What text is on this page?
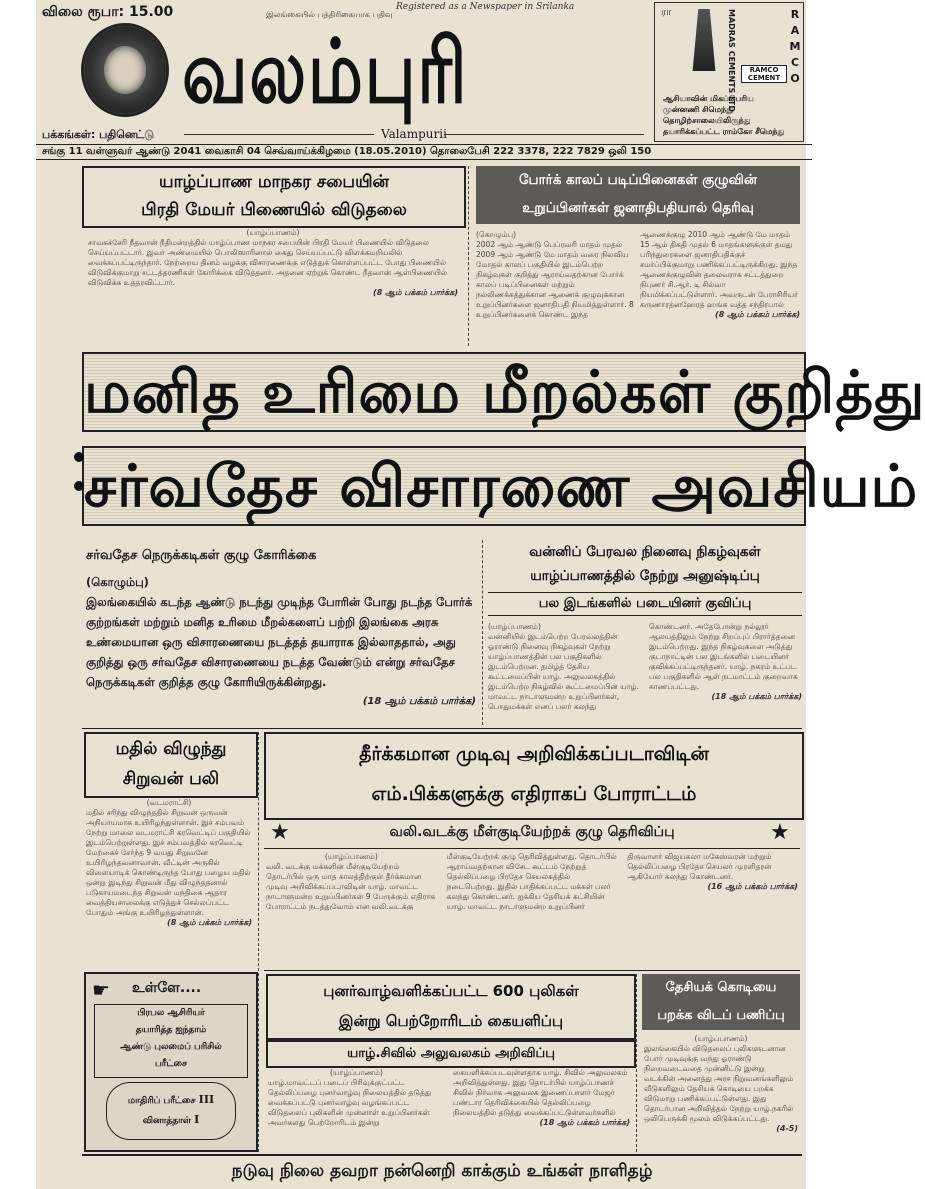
விலை ரூபா: 15.00	இலங்கையில் பத்திரிகையாக பதிவு
Registered as a Newspaper in Srilanka
வலம்புரி
பக்கங்கள்: பதினெட்டு	Valampurii
ரா	MADRAS CEMENTS LTD	RAMCO
RAMCO CEMENT
ஆசியாவின் மிகப்பெரிய முன்னணி சிமெந்து தொழிற்சாலையிலிருந்து தயாரிக்கப்பட்ட ராம்கோ சீமெந்து
சங்கு 11 வள்ளுவர் ஆண்டு 2041 வைகாசி 04 செவ்வாய்க்கிழமை (18.05.2010) தொலைபேசி 222 3378, 222 7829 ஒலி 150
யாழ்ப்பாண மாநகர சபையின்
பிரதி மேயர் பிணையில் விடுதலை

(யாழ்ப்பாணம்)

சாவகச்சேரி நீதவான் நீதிமன்றத்தில் யாழ்ப்பாண மாநகர சபையின் பிரதி மேயர் பிணையில் விடுதலை செய்யப்பட்டார். இவர் அண்மையில் பொலிஸாரினால் கைது செய்யப்பட்டு விளக்கமறியலில் வைக்கப்பட்டிருந்தார். நேற்றைய தினம் வழக்கு விசாரணைக்கு எடுத்துக் கொள்ளப்பட்ட போது பிணையில் விடுவிக்குமாறு சட்டத்தரணிகள் கோரிக்கை விடுத்தனர். அதனை ஏற்றுக் கொண்ட நீதவான் ஆள்பிணையில் விடுவிக்க உத்தரவிட்டார்.

(8 ஆம் பக்கம் பார்க்க)

போர்க் காலப் படிப்பினைகள் குழுவின்
உறுப்பினர்கள் ஜனாதிபதியால் தெரிவு

(கொழும்பு)

2002 ஆம் ஆண்டு பெப்ரவரி மாதம் முதல் 2009 ஆம் ஆண்டு மே மாதம் வரை நிலவிய மோதல் காலப் பகுதியில் இடம்பெற்ற நிகழ்வுகள் குறித்து ஆராய்வதற்கான போர்க் காலப் படிப்பினைகள் மற்றும் நல்லிணக்கத்துக்கான ஆணைக் குழுவுக்கான உறுப்பினர்களை ஜனாதிபதி நியமித்துள்ளார். 8 உறுப்பினர்களைக் கொண்ட இந்த

ஆணைக்குழு 2010 ஆம் ஆண்டு மே மாதம் 15 ஆம் திகதி முதல் 6 மாதங்களுக்குள் தமது பரிந்துரைகளை ஜனாதிபதிக்குச் சமர்ப்பிக்குமாறு பணிக்கப்பட்டிருக்கிறது. இந்த ஆணைக்குழுவின் தலைவராக சட்டத்துறை நிபுணர் சி.ஆர். டி சில்வா நியமிக்கப்பட்டுள்ளார். அவருடன் பேராசிரியர் கருணாரத்னஹேரத் ஹங்க வத்த சந்திரபால்

(8 ஆம் பக்கம் பார்க்க)

மனித உரிமை மீறல்கள் குறித்து
சர்வதேச விசாரணை அவசியம்
சர்வதேச நெருக்கடிகள் குழு கோரிக்கை
(கொழும்பு)
இலங்கையில் கடந்த ஆண்டு நடந்து முடிந்த போரின் போது நடந்த போர்க் குற்றங்கள் மற்றும் மனித உரிமை மீறல்களைப் பற்றி இலங்கை அரசு உண்மையான ஒரு விசாரணையை நடத்தத் தயாராக இல்லாததால், அது குறித்து ஒரு சர்வதேச விசாரணையை நடத்த வேண்டும் என்று சர்வதேச நெருக்கடிகள் குறித்த குழு கோரியிருக்கின்றது.
(18 ஆம் பக்கம் பார்க்க)
வன்னிப் பேரவல நினைவு நிகழ்வுகள்
யாழ்ப்பாணத்தில் நேற்று அனுஷ்டிப்பு
பல இடங்களில் படையினர் குவிப்பு

(யாழ்ப்பாணம்)

வன்னியில் இடம்பெற்ற பேரவலத்தின் ஓராண்டு நினைவு நிகழ்வுகள் நேற்று யாழ்ப்பாணத்தின் பல பகுதிகளில் இடம்பெற்றன. தமிழ்த் தேசிய கூட்டமைப்பின் யாழ். அலுவலகத்தில் இடம்பெற்ற நிகழ்வில் கூட்டமைப்பின் யாழ். மாவட்ட நாடாளுமன்ற உறுப்பினர்கள், பொதுமக்கள் எனப் பலர் கலந்து கொண்டனர். அதேபோன்று நல்லூர் ஆலயத்திலும் நேற்று சிறப்புப் பிரார்த்தனை இடம்பெற்றது. இந்த நிகழ்வுகளை அடுத்து குடாநாட்டின் பல இடங்களில் படையினர் குவிக்கப்பட்டிருந்தனர். யாழ். நகரம் உட்பட பல பகுதிகளில் ஆள் நடமாட்டம் குறைவாக காணப்பட்டது.

(18 ஆம் பக்கம் பார்க்க)

மதில் விழுந்து
சிறுவன் பலி

(வடமராட்சி)

மதில் சரிந்து விழுந்ததில் சிறுவன் ஒருவன் அநியாயமாக உயிரிழந்துள்ளான். இச் சம்பவம் நேற்று மாலை வடமராட்சி கரவெட்டிப் பகுதியில் இடம்பெற்றுள்ளது. இச் சம்பவத்தில் கரவெட்டி மேற்கைச் சேர்ந்த 9 வயது சிறுவனே உயிரிழந்தவனாவான். வீட்டின் அருகில் விளையாடிக் கொண்டிருந்த போது பழைய மதில் ஒன்று இடிந்து சிறுவன் மீது விழுந்ததனால் படுகாயமடைந்த சிறுவன் மந்திகை ஆதார வைத்தியசாலைக்கு எடுத்துச் செல்லப்பட்ட போதும் அங்கு உயிரிழந்துள்ளான்.

(8 ஆம் பக்கம் பார்க்க)

☛ உள்ளே....
பிரபல ஆசிரியர்
தயாரித்த ஐந்தாம்
ஆண்டு புலமைப் பரிசில்
பரீட்சை
மாதிரிப் பரீட்சை III
வினாத்தாள் I
தீர்க்கமான முடிவு அறிவிக்கப்படாவிடின்
எம்.பிக்களுக்கு எதிராகப் போராட்டம்
★	வலி.வடக்கு மீள்குடியேற்றக் குழு தெரிவிப்பு	★

(யாழ்ப்பாணம்)

வலி. வடக்கு மக்களின் மீள்குடியேற்றம் தொடர்பில் ஒரு மாத காலத்திற்குள் தீர்க்கமான முடிவு அறிவிக்கப்படாவிடின் யாழ். மாவட்ட நாடாளுமன்ற உறுப்பினர்கள் 9 பேருக்கும் எதிராக போராட்டம் நடத்துவோம் என வலி.வடக்கு மீள்குடியேற்றக் குழு தெரிவித்துள்ளது. தொடர்பில் ஆராய்வதற்கான விசேட கூட்டம் நேற்றுத் தெல்லிப்பழை பிரதேச செயலகத்தில் நடைபெற்றது. இதில் பாதிக்கப்பட்ட மக்கள் பலர் கலந்து கொண்டனர். ஐக்கிய தேசியக் கட்சியின் யாழ். மாவட்ட நாடாளுமன்ற உறுப்பினர் திருவாளர் விஜயகலா மகேஸ்வரன் மற்றும் தெல்லிப்பழை பிரதேச செயலர் முரளிதரன் ஆகியோர் கலந்து கொண்டனர்.

(16 ஆம் பக்கம் பார்க்க)

புனர்வாழ்வளிக்கப்பட்ட 600 புலிகள்
இன்று பெற்றோரிடம் கையளிப்பு
யாழ்.சிவில் அலுவலகம் அறிவிப்பு

(யாழ்ப்பாணம்)

யாழ்.மாவட்டப் படைப் பிரிவுக்குட்பட்ட தெல்லிப்பழை புனர்வாழ்வு நிலையத்தில் தடுத்து வைக்கப்பட்டு புனர்வாழ்வு வழங்கப்பட்ட விடுதலைப் புலிகளின் முன்னாள் உறுப்பினர்கள் அவர்களது பெற்றோரிடம் இன்று கையளிக்கப்படவுள்ளதாக யாழ். சிவில் அலுவலகம் அறிவித்துள்ளது. இது தொடர்பில் யாழ்ப்பாணச் சிவில் நிர்வாக அலுவலக இணைப்பாளர் மேஜர் பண்டார தெரிவிக்கையில் தெல்லிப்பழை நிலையத்தில் தடுத்து வைக்கப்பட்டுள்ளவர்களில்

(18 ஆம் பக்கம் பார்க்க)

தேசியக் கொடியை
பறக்க விடப் பணிப்பு

(யாழ்ப்பாணம்)

இலங்கையில் விடுதலைப் புலிகளுடனான போர் முடிவுக்கு வந்து ஓராண்டு நிறைவடைவதை முன்னிட்டு இன்று வடக்கின் அனைத்து அரச நிறுவனங்களிலும் வீடுகளிலும் தேசியக் கொடியை பறக்க விடுமாறு பணிக்கப்பட்டுள்ளது. இது தொடர்பான அறிவித்தல் நேற்று யாழ்.நகரில் ஒலிபெருக்கி மூலம் விடுக்கப்பட்டது.

(4-5)

நடுவு நிலை தவறா நன்னெறி காக்கும் உங்கள் நாளிதழ்
